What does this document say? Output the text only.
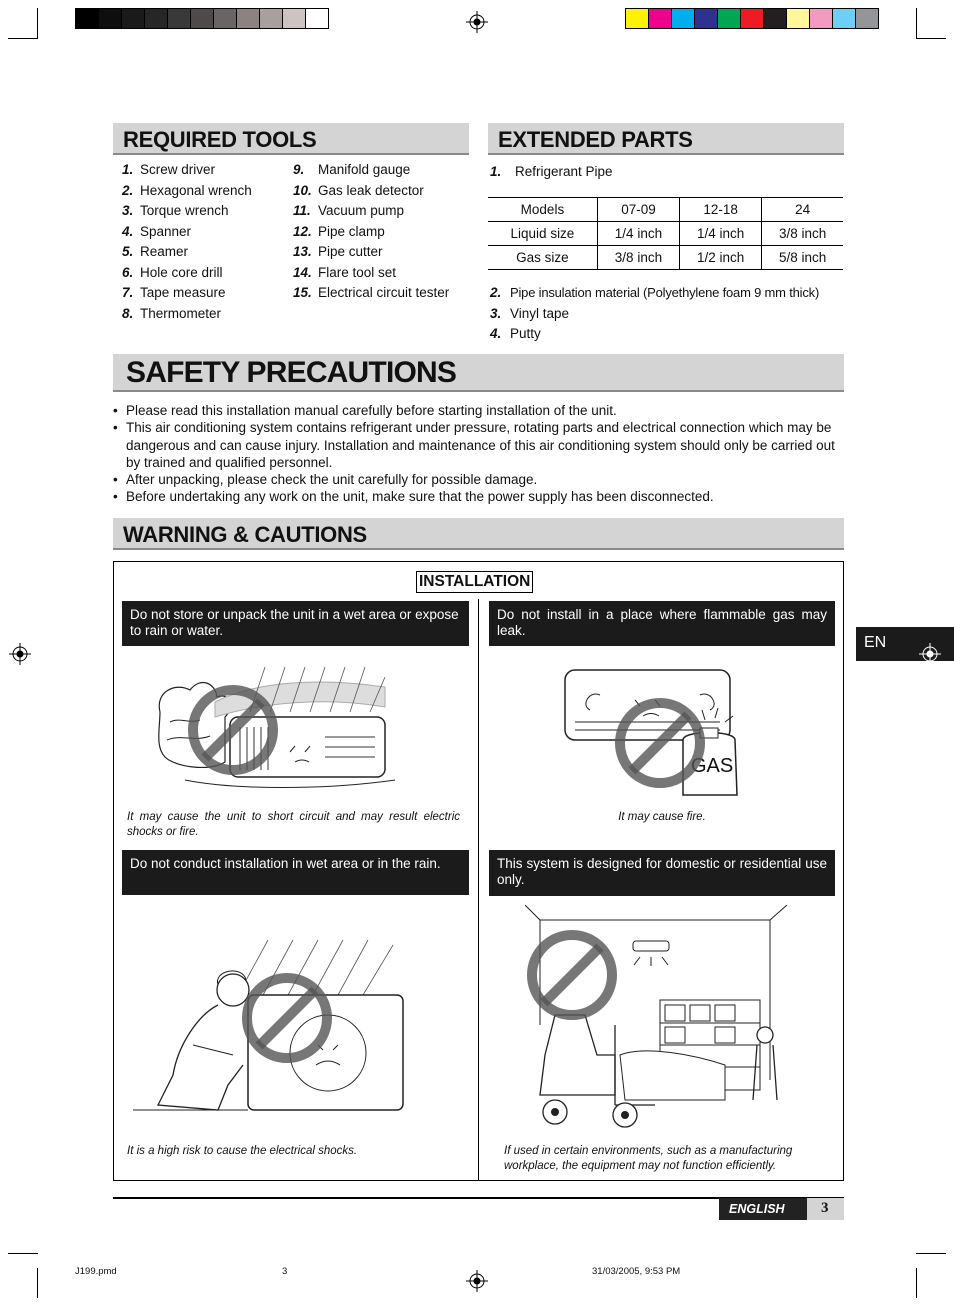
REQUIRED TOOLS
1. Screw driver
2. Hexagonal wrench
3. Torque wrench
4. Spanner
5. Reamer
6. Hole core drill
7. Tape measure
8. Thermometer
9. Manifold gauge
10. Gas leak detector
11. Vacuum pump
12. Pipe clamp
13. Pipe cutter
14. Flare tool set
15. Electrical circuit tester
EXTENDED PARTS
1. Refrigerant Pipe
Models	07-09	12-18	24
Liquid size	1/4 inch	1/4 inch	3/8 inch
Gas size	3/8 inch	1/2 inch	5/8 inch
2. Pipe insulation material (Polyethylene foam 9 mm thick)
3. Vinyl tape
4. Putty
SAFETY PRECAUTIONS
• Please read this installation manual carefully before starting installation of the unit.
• This air conditioning system contains refrigerant under pressure, rotating parts and electrical connection which may be dangerous and can cause injury. Installation and maintenance of this air conditioning system should only be carried out by trained and qualified personnel.
• After unpacking, please check the unit carefully for possible damage.
• Before undertaking any work on the unit, make sure that the power supply has been disconnected.
WARNING & CAUTIONS
INSTALLATION
Do not store or unpack the unit in a wet area or expose to rain or water.
Do not install in a place where flammable gas may leak.
Do not conduct installation in wet area or in the rain.	This system is designed for domestic or residential use only.
GAS
It may cause the unit to short circuit and may result electric shocks or fire.
It may cause fire.
It is a high risk to cause the electrical shocks.	If used in certain environments, such as a manufacturing workplace, the equipment may not function efficiently.
EN
ENGLISH 3
J199.pmd	3	31/03/2005, 9:53 PM
